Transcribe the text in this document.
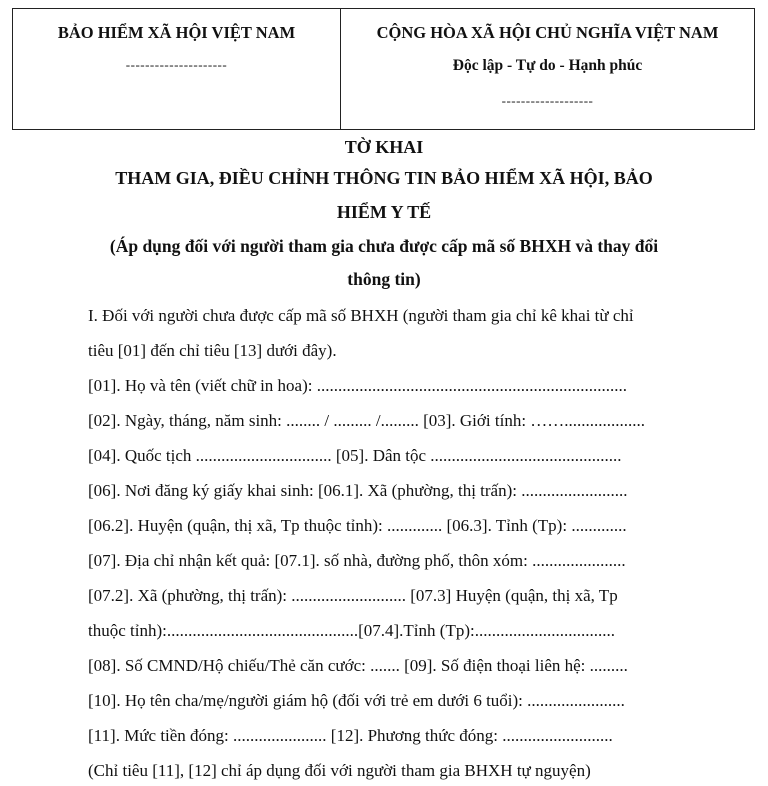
BẢO HIỂM XÃ HỘI VIỆT NAM
---------------------
CỘNG HÒA XÃ HỘI CHỦ NGHĨA VIỆT NAM
Độc lập - Tự do - Hạnh phúc
-------------------
TỜ KHAI
THAM GIA, ĐIỀU CHỈNH THÔNG TIN BẢO HIỂM XÃ HỘI, BẢO
HIỂM Y TẾ
(Áp dụng đối với người tham gia chưa được cấp mã số BHXH và thay đổi
thông tin)
I. Đối với người chưa được cấp mã số BHXH (người tham gia chỉ kê khai từ chỉ
tiêu [01] đến chỉ tiêu [13] dưới đây).
[01]. Họ và tên (viết chữ in hoa): .........................................................................
[02]. Ngày, tháng, năm sinh: ........ / ......... /......... [03]. Giới tính: ……...................
[04]. Quốc tịch ................................ [05]. Dân tộc .............................................
[06]. Nơi đăng ký giấy khai sinh: [06.1]. Xã (phường, thị trấn): .........................
[06.2]. Huyện (quận, thị xã, Tp thuộc tỉnh): ............. [06.3]. Tỉnh (Tp): .............
[07]. Địa chỉ nhận kết quả: [07.1]. số nhà, đường phố, thôn xóm: ......................
[07.2]. Xã (phường, thị trấn): ........................... [07.3] Huyện (quận, thị xã, Tp
thuộc tỉnh):.............................................[07.4].Tỉnh (Tp):.................................
[08]. Số CMND/Hộ chiếu/Thẻ căn cước: ....... [09]. Số điện thoại liên hệ: .........
[10]. Họ tên cha/mẹ/người giám hộ (đối với trẻ em dưới 6 tuổi): .......................
[11]. Mức tiền đóng: ...................... [12]. Phương thức đóng: ..........................
(Chỉ tiêu [11], [12] chỉ áp dụng đối với người tham gia BHXH tự nguyện)
